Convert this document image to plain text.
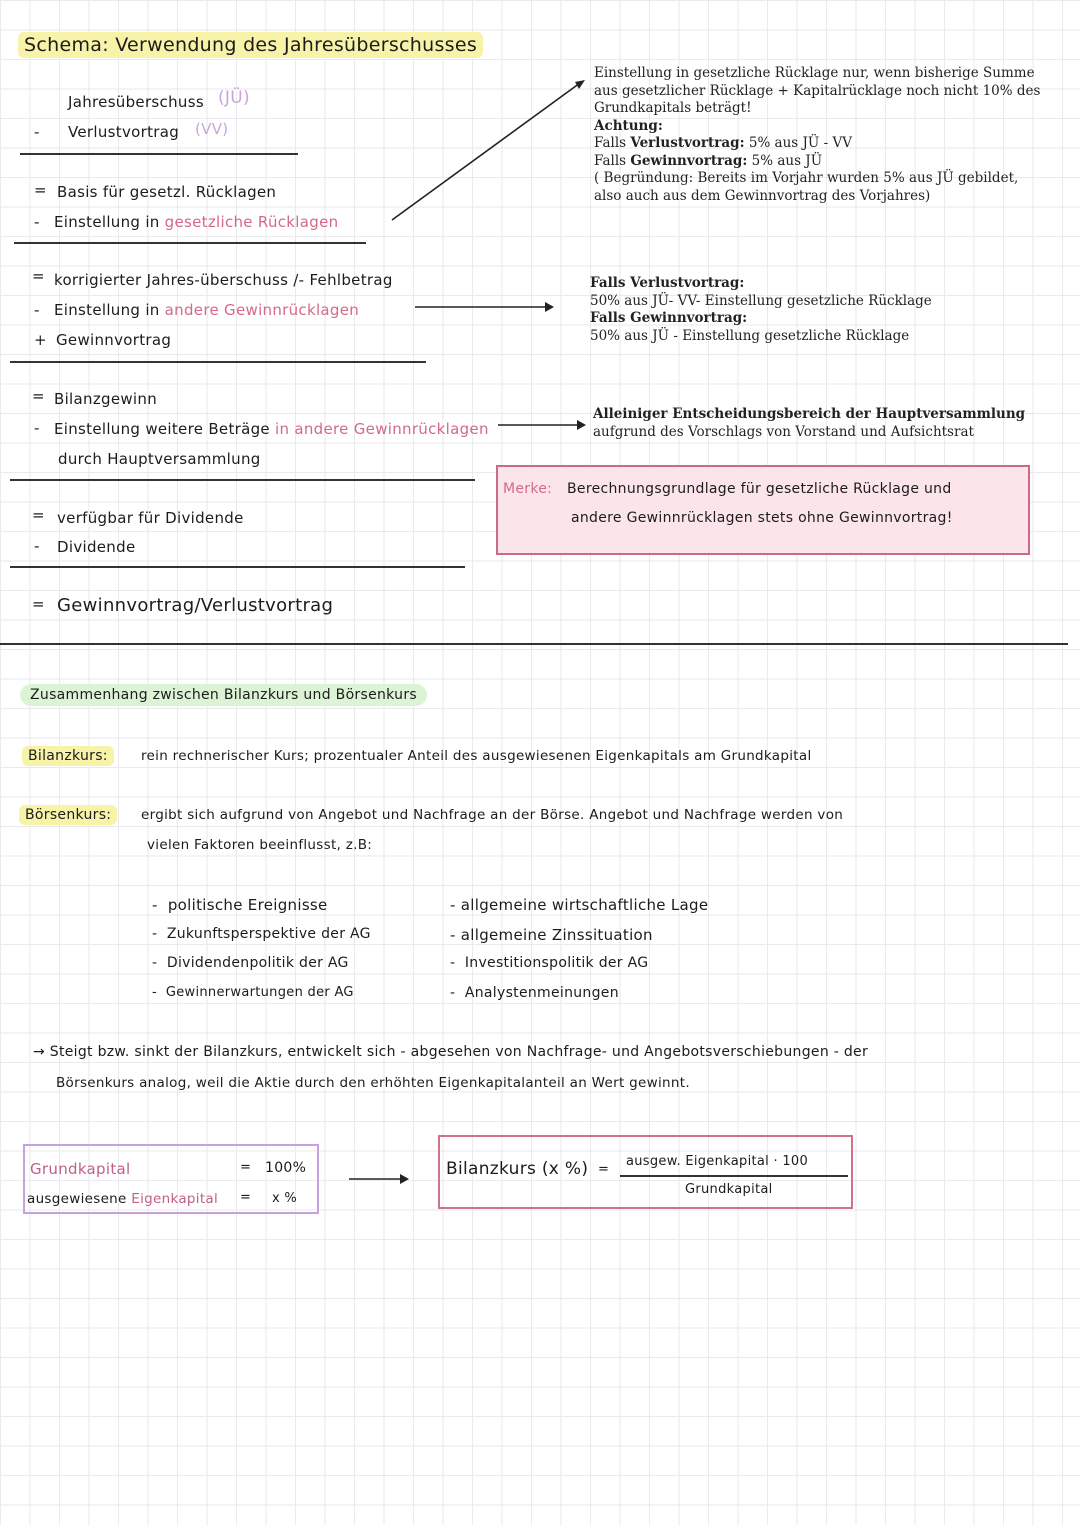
Schema: Verwendung des Jahresüberschusses
Jahresüberschuss (JÜ)
- Verlustvortrag (VV)
= Basis für gesetzl. Rücklagen
- Einstellung in gesetzliche Rücklagen
= korrigierter Jahres-überschuss /- Fehlbetrag
- Einstellung in andere Gewinnrücklagen
+ Gewinnvortrag
= Bilanzgewinn
- Einstellung weitere Beträge in andere Gewinnrücklagen
durch Hauptversammlung
= verfügbar für Dividende
- Dividende
= Gewinnvortrag/Verlustvortrag
Einstellung in gesetzliche Rücklage nur, wenn bisherige Summe
aus gesetzlicher Rücklage + Kapitalrücklage noch nicht 10% des
Grundkapitals beträgt!
Achtung:
Falls Verlustvortrag: 5% aus JÜ - VV
Falls Gewinnvortrag: 5% aus JÜ
( Begründung: Bereits im Vorjahr wurden 5% aus JÜ gebildet,
also auch aus dem Gewinnvortrag des Vorjahres)
Falls Verlustvortrag:
50% aus JÜ- VV- Einstellung gesetzliche Rücklage
Falls Gewinnvortrag:
50% aus JÜ - Einstellung gesetzliche Rücklage
Alleiniger Entscheidungsbereich der Hauptversammlung
aufgrund des Vorschlags von Vorstand und Aufsichtsrat
Merke: Berechnungsgrundlage für gesetzliche Rücklage und
andere Gewinnrücklagen stets ohne Gewinnvortrag!
Zusammenhang zwischen Bilanzkurs und Börsenkurs
Bilanzkurs:	rein rechnerischer Kurs; prozentualer Anteil des ausgewiesenen Eigenkapitals am Grundkapital
Börsenkurs:	ergibt sich aufgrund von Angebot und Nachfrage an der Börse. Angebot und Nachfrage werden von
vielen Faktoren beeinflusst, z.B:
-  politische Ereignisse
-  Zukunftsperspektive der AG
-  Dividendenpolitik der AG
-  Gewinnerwartungen der AG
- allgemeine wirtschaftliche Lage
- allgemeine Zinssituation
-  Investitionspolitik der AG
-  Analystenmeinungen
→ Steigt bzw. sinkt der Bilanzkurs, entwickelt sich - abgesehen von Nachfrage- und Angebotsverschiebungen - der
Börsenkurs analog, weil die Aktie durch den erhöhten Eigenkapitalanteil an Wert gewinnt.
Grundkapital	= 100%
ausgewiesene Eigenkapital = x %
Bilanzkurs (x %) =
ausgew. Eigenkapital · 100
Grundkapital
